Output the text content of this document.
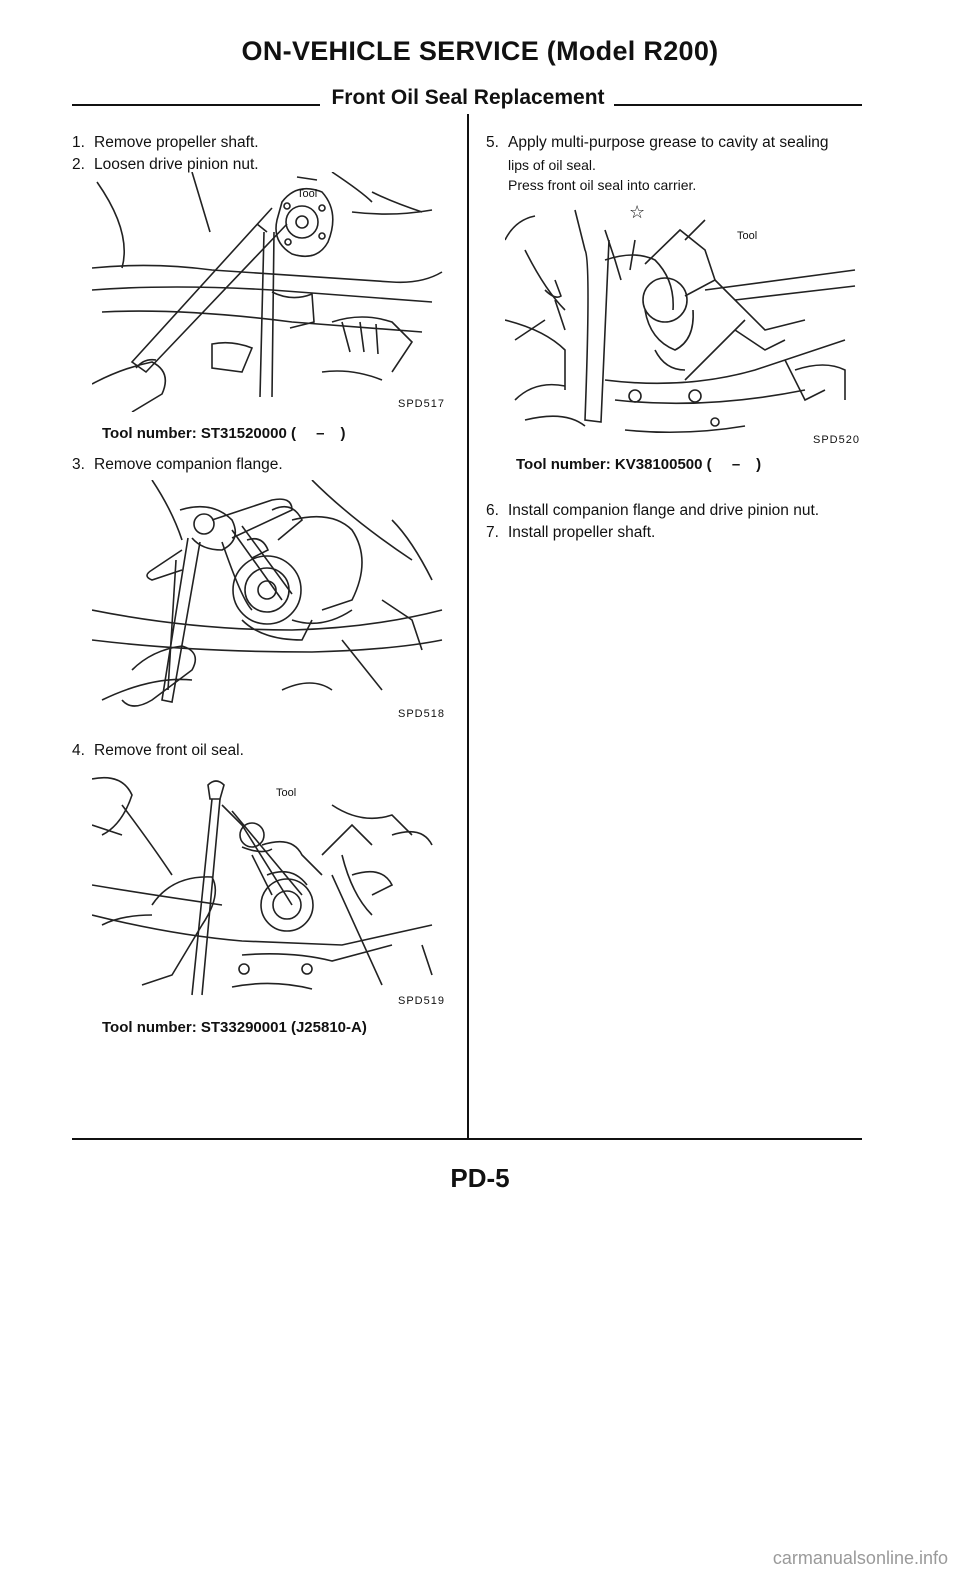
ON-VEHICLE SERVICE (Model R200)
Front Oil Seal Replacement
1. Remove propeller shaft.
2. Loosen drive pinion nut.
Tool
SPD517
Tool number: ST31520000 ( – )
3. Remove companion flange.
SPD518
4. Remove front oil seal.
Tool
SPD519
Tool number: ST33290001 (J25810-A)
5. Apply multi-purpose grease to cavity at sealing
lips of oil seal.
Press front oil seal into carrier.
☆
Tool
SPD520
Tool number: KV38100500 ( – )
6. Install companion flange and drive pinion nut.
7. Install propeller shaft.
PD-5
carmanualsonline.info
